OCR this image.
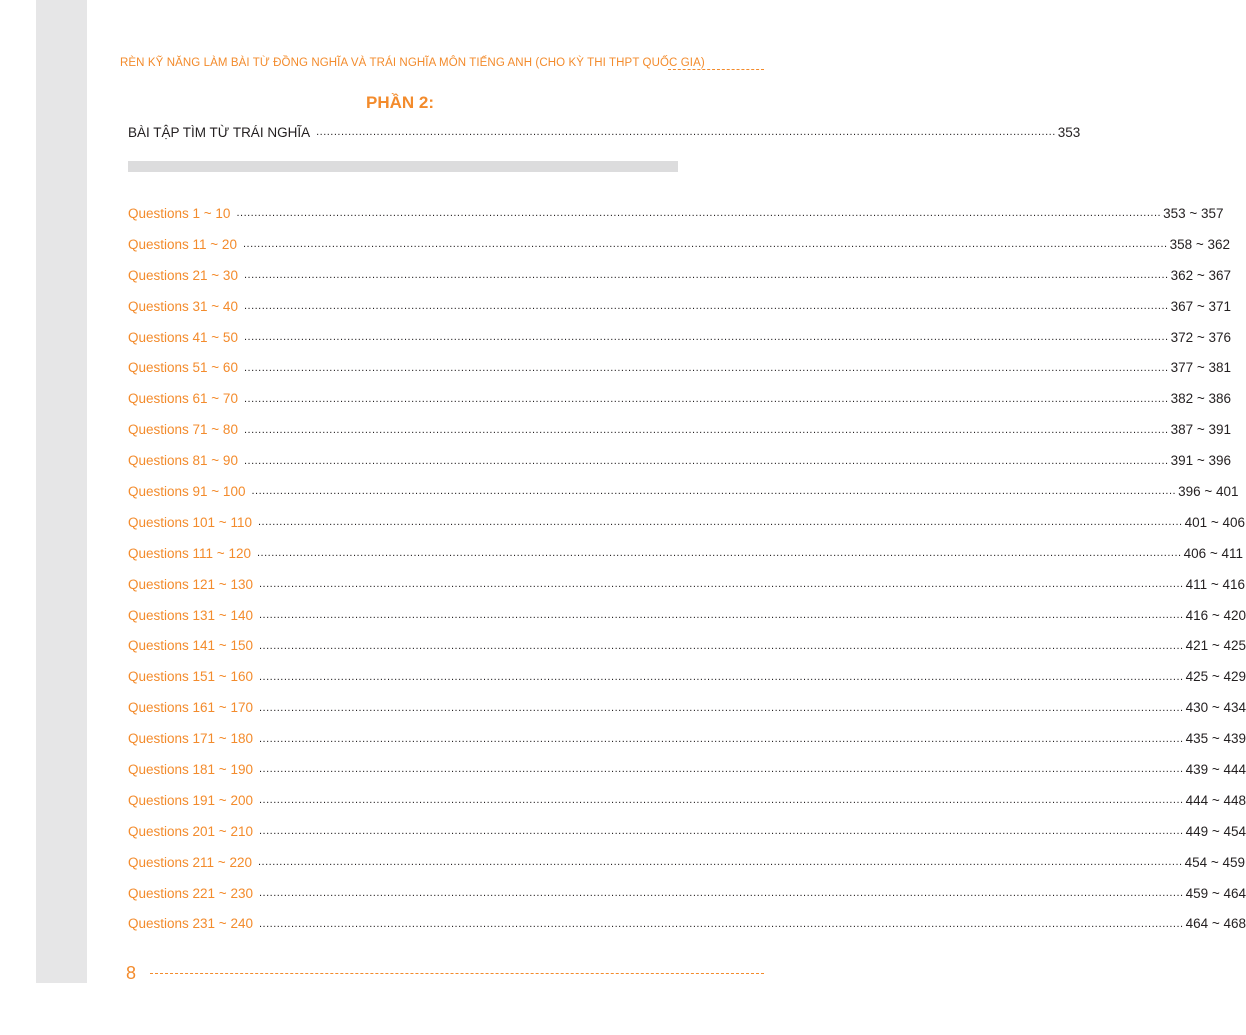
RÈN KỸ NĂNG LÀM BÀI TỪ ĐỒNG NGHĨA VÀ TRÁI NGHĨA MÔN TIẾNG ANH (CHO KỲ THI THPT QUỐC GIA)
PHẦN 2:
BÀI TẬP TÌM TỪ TRÁI NGHĨA ................................................................................................................................................................................................................ 353
Questions 1 ~ 10 .................................................................................................................................................................................................................................................................... 353 ~ 357
Questions 11 ~ 20 .................................................................................................................................................................................................................................................................... 358 ~ 362
Questions 21 ~ 30 .................................................................................................................................................................................................................................................................... 362 ~ 367
Questions 31 ~ 40 .................................................................................................................................................................................................................................................................... 367 ~ 371
Questions 41 ~ 50 .................................................................................................................................................................................................................................................................... 372 ~ 376
Questions 51 ~ 60 .................................................................................................................................................................................................................................................................... 377 ~ 381
Questions 61 ~ 70 .................................................................................................................................................................................................................................................................... 382 ~ 386
Questions 71 ~ 80 .................................................................................................................................................................................................................................................................... 387 ~ 391
Questions 81 ~ 90 .................................................................................................................................................................................................................................................................... 391 ~ 396
Questions 91 ~ 100 .................................................................................................................................................................................................................................................................... 396 ~ 401
Questions 101 ~ 110 .................................................................................................................................................................................................................................................................... 401 ~ 406
Questions 111 ~ 120 .................................................................................................................................................................................................................................................................... 406 ~ 411
Questions 121 ~ 130 .................................................................................................................................................................................................................................................................... 411 ~ 416
Questions 131 ~ 140 .................................................................................................................................................................................................................................................................... 416 ~ 420
Questions 141 ~ 150 .................................................................................................................................................................................................................................................................... 421 ~ 425
Questions 151 ~ 160 .................................................................................................................................................................................................................................................................... 425 ~ 429
Questions 161 ~ 170 .................................................................................................................................................................................................................................................................... 430 ~ 434
Questions 171 ~ 180 .................................................................................................................................................................................................................................................................... 435 ~ 439
Questions 181 ~ 190 .................................................................................................................................................................................................................................................................... 439 ~ 444
Questions 191 ~ 200 .................................................................................................................................................................................................................................................................... 444 ~ 448
Questions 201 ~ 210 .................................................................................................................................................................................................................................................................... 449 ~ 454
Questions 211 ~ 220 .................................................................................................................................................................................................................................................................... 454 ~ 459
Questions 221 ~ 230 .................................................................................................................................................................................................................................................................... 459 ~ 464
Questions 231 ~ 240 .................................................................................................................................................................................................................................................................... 464 ~ 468
8
